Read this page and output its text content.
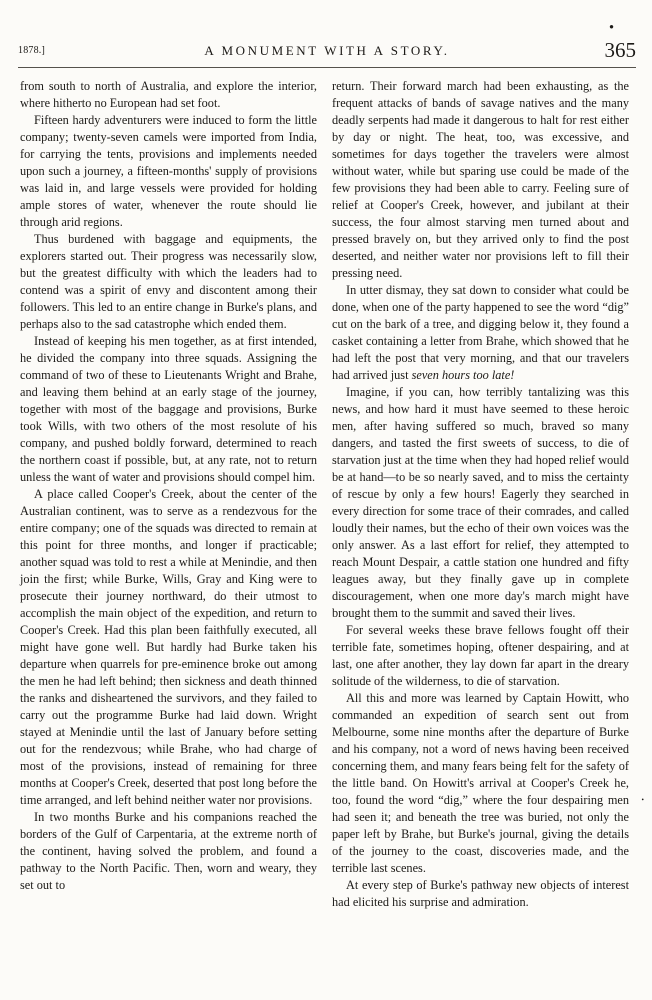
●
1878.]	A MONUMENT WITH A STORY.	365

from south to north of Australia, and explore the interior, where hitherto no European had set foot.

Fifteen hardy adventurers were induced to form the little company; twenty-seven camels were imported from India, for carrying the tents, provisions and implements needed upon such a journey, a fifteen-months' supply of provisions was laid in, and large vessels were provided for holding ample stores of water, whenever the route should lie through arid regions.

Thus burdened with baggage and equipments, the explorers started out. Their progress was necessarily slow, but the greatest difficulty with which the leaders had to contend was a spirit of envy and discontent among their followers. This led to an entire change in Burke's plans, and perhaps also to the sad catastrophe which ended them.

Instead of keeping his men together, as at first intended, he divided the company into three squads. Assigning the command of two of these to Lieutenants Wright and Brahe, and leaving them behind at an early stage of the journey, together with most of the baggage and provisions, Burke took Wills, with two others of the most resolute of his company, and pushed boldly forward, determined to reach the northern coast if possible, but, at any rate, not to return unless the want of water and provisions should compel him.

A place called Cooper's Creek, about the center of the Australian continent, was to serve as a rendezvous for the entire company; one of the squads was directed to remain at this point for three months, and longer if practicable; another squad was told to rest a while at Menindie, and then join the first; while Burke, Wills, Gray and King were to prosecute their journey northward, do their utmost to accomplish the main object of the expedition, and return to Cooper's Creek. Had this plan been faithfully executed, all might have gone well. But hardly had Burke taken his departure when quarrels for pre-eminence broke out among the men he had left behind; then sickness and death thinned the ranks and disheartened the survivors, and they failed to carry out the programme Burke had laid down. Wright stayed at Menindie until the last of January before setting out for the rendezvous; while Brahe, who had charge of most of the provisions, instead of remaining for three months at Cooper's Creek, deserted that post long before the time arranged, and left behind neither water nor provisions.

In two months Burke and his companions reached the borders of the Gulf of Carpentaria, at the extreme north of the continent, having solved the problem, and found a pathway to the North Pacific. Then, worn and weary, they set out to

return. Their forward march had been exhausting, as the frequent attacks of bands of savage natives and the many deadly serpents had made it dangerous to halt for rest either by day or night. The heat, too, was excessive, and sometimes for days together the travelers were almost without water, while but sparing use could be made of the few provisions they had been able to carry. Feeling sure of relief at Cooper's Creek, however, and jubilant at their success, the four almost starving men turned about and pressed bravely on, but they arrived only to find the post deserted, and neither water nor provisions left to fill their pressing need.

In utter dismay, they sat down to consider what could be done, when one of the party happened to see the word “dig” cut on the bark of a tree, and digging below it, they found a casket containing a letter from Brahe, which showed that he had left the post that very morning, and that our travelers had arrived just seven hours too late!

Imagine, if you can, how terribly tantalizing was this news, and how hard it must have seemed to these heroic men, after having suffered so much, braved so many dangers, and tasted the first sweets of success, to die of starvation just at the time when they had hoped relief would be at hand—to be so nearly saved, and to miss the certainty of rescue by only a few hours! Eagerly they searched in every direction for some trace of their comrades, and called loudly their names, but the echo of their own voices was the only answer. As a last effort for relief, they attempted to reach Mount Despair, a cattle station one hundred and fifty leagues away, but they finally gave up in complete discouragement, when one more day's march might have brought them to the summit and saved their lives.

For several weeks these brave fellows fought off their terrible fate, sometimes hoping, oftener despairing, and at last, one after another, they lay down far apart in the dreary solitude of the wilderness, to die of starvation.

All this and more was learned by Captain Howitt, who commanded an expedition of search sent out from Melbourne, some nine months after the departure of Burke and his company, not a word of news having been received concerning them, and many fears being felt for the safety of the little band. On Howitt's arrival at Cooper's Creek he, too, found the word “dig,” where the four despairing men had seen it; and beneath the tree was buried, not only the paper left by Brahe, but Burke's journal, giving the details of the journey to the coast, discoveries made, and the terrible last scenes.

At every step of Burke's pathway new objects of interest had elicited his surprise and admiration.

•
